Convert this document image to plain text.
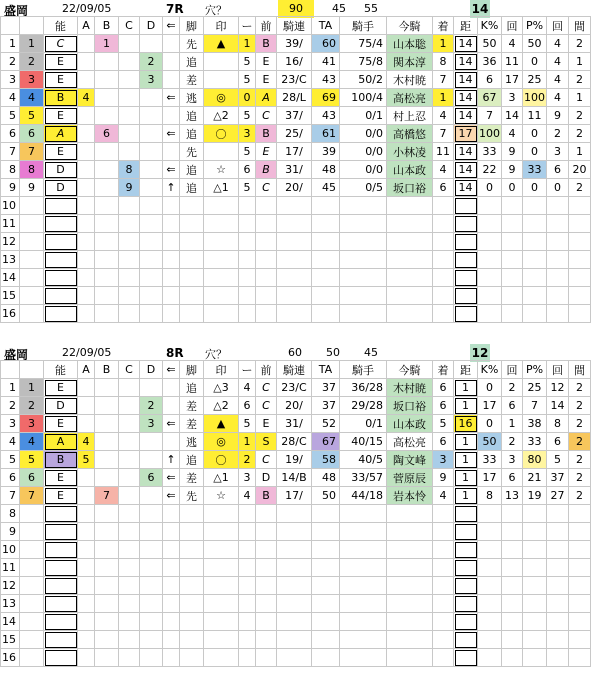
盛岡	22/09/05	7R 穴？	90	45 55	14
		能	A	B	C	D	⇐	脚	印	ー	前	騎連	TA	騎手	今騎	着	距	K%	回	P%	回	間
1	1	C		1				先	▲	1	B	39/	60	75/4	山本聡	1	14	50	4	50	4	2
2	2	E				2		追		5	E	16/	41	75/8	関本淳	8	14	36	11	0	4	1
3	3	E				3		差		5	E	23/C	43	50/2	木村暁	7	14	6	17	25	4	2
4	4	B	4				⇐	逃	◎	0	A	28/L	69	100/4	高松亮	1	14	67	3	100	4	1
5	5	E						追	△2	5	C	37/	43	0/1	村上忍	4	14	7	14	11	9	2
6	6	A		6			⇐	追	〇	3	B	25/	61	0/0	高橋悠	7	17	100	4	0	2	2
7	7	E						先		5	E	17/	39	0/0	小林凌	11	14	33	9	0	3	1
8	8	D			8		⇐	追	☆	6	B	31/	48	0/0	山本政	4	14	22	9	33	6	20
9	9	D			9		↑	追	△1	5	C	20/	45	0/5	坂口裕	6	14	0	0	0	0	2
10																						
11																						
12																						
13																						
14																						
15																						
16																						
盛岡	22/09/05	8R 穴？	60 50 45	12
		能	A	B	C	D	⇐	脚	印	ー	前	騎連	TA	騎手	今騎	着	距	K%	回	P%	回	間
1	1	E						追	△3	4	C	23/C	37	36/28	木村暁	6	1	0	2	25	12	2
2	2	D				2		差	△2	6	C	20/	37	29/28	坂口裕	6	1	17	6	7	14	2
3	3	E				3	⇐	差	▲	5	E	31/	52	0/1	山本政	5	16	0	1	38	8	2
4	4	A	4					逃	◎	1	S	28/C	67	40/15	高松亮	6	1	50	2	33	6	2
5	5	B	5				↑	追	〇	2	C	19/	58	40/5	陶文峰	3	1	33	3	80	5	2
6	6	E				6	⇐	差	△1	3	D	14/B	48	33/57	菅原辰	9	1	17	6	21	37	2
7	7	E		7			⇐	先	☆	4	B	17/	50	44/18	岩本怜	4	1	8	13	19	27	2
8																						
9																						
10																						
11																						
12																						
13																						
14																						
15																						
16																						
